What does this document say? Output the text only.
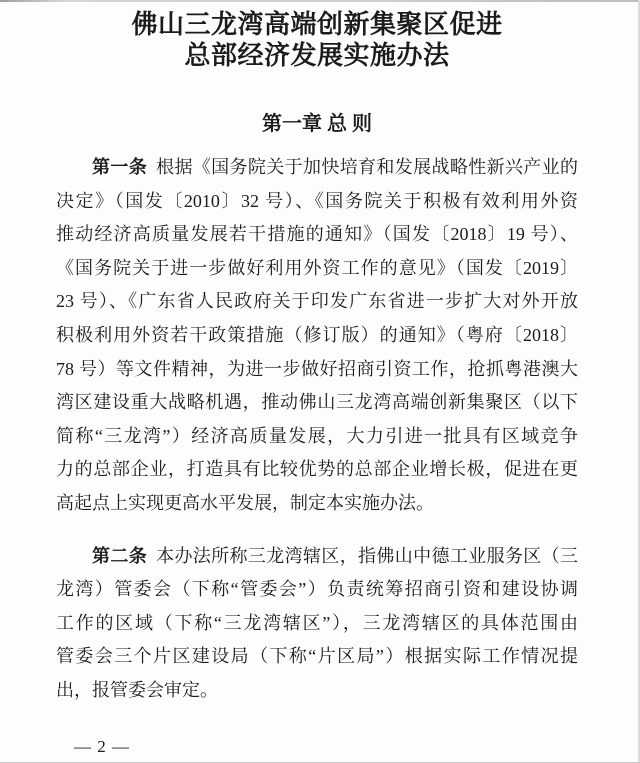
佛山三龙湾高端创新集聚区促进
总部经济发展实施办法
第一章 总 则
第一条 根据《国务院关于加快培育和发展战略性新兴产业的
决定》（国发〔2010〕32 号）、《国务院关于积极有效利用外资
推动经济高质量发展若干措施的通知》（国发〔2018〕19 号）、
《国务院关于进一步做好利用外资工作的意见》（国发〔2019〕
23 号）、《广东省人民政府关于印发广东省进一步扩大对外开放
积极利用外资若干政策措施（修订版）的通知》（粤府〔2018〕
78 号）等文件精神，为进一步做好招商引资工作，抢抓粤港澳大
湾区建设重大战略机遇，推动佛山三龙湾高端创新集聚区（以下
简称“三龙湾”）经济高质量发展，大力引进一批具有区域竞争
力的总部企业，打造具有比较优势的总部企业增长极，促进在更
高起点上实现更高水平发展，制定本实施办法。
第二条 本办法所称三龙湾辖区，指佛山中德工业服务区（三
龙湾）管委会（下称“管委会”）负责统筹招商引资和建设协调
工作的区域（下称“三龙湾辖区”），三龙湾辖区的具体范围由
管委会三个片区建设局（下称“片区局”）根据实际工作情况提
出，报管委会审定。
— 2 —
